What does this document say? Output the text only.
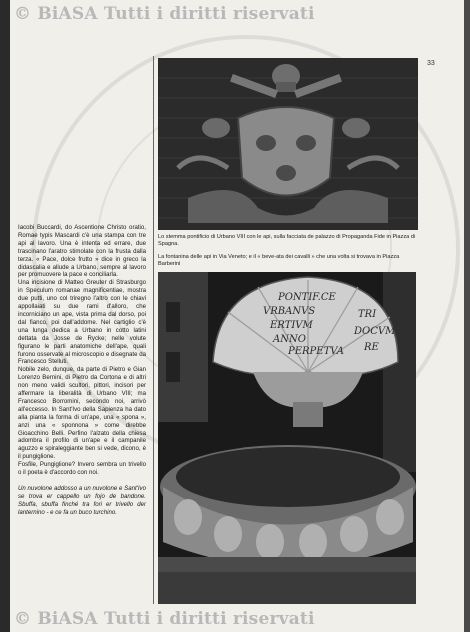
© BiASA Tutti i diritti riservati
© BiASA Tutti i diritti riservati
33

Iacobi Buccardi, do Ascentione Christo oratio, Romae typis Mascardi c'è una stampa con tre api al lavoro. Una è intenta ed errare, due trascinano l'aratro stimolate con la frusta dalla terza. « Pace, dolce frutto » dice in greco la didascalia e allude a Urbano, sempre al lavoro per promuovere la pace e conciliarla.

Una incisione di Matteo Greuter di Strasburgo in Speculum romanae magnificentiae, mostra due putti, uno col triregno l'altro con le chiavi appollaiati su due rami d'alloro, che incorniciano un ape, vista prima dal dorso, poi dal fianco, poi dall'addome. Nel cartiglio c'è una lunga dedica a Urbano in cotto latini dettata da Josse de Rycke; nelle volute figurano le parti anatomiche dell'ape, quali furono osservate al microscopio e disegnate da Francesco Stelluti.

Nobile zelo, dunque, da parte di Pietro e Gian Lorenzo Bernini, di Pietro da Cortona e di altri non meno validi scultori, pittori, incisori per affermare la liberalità di Urbano VIII; ma Francesco Borromini, secondo noi, arrivò all'eccesso. In Sant'Ivo della Sapienza ha dato alla pianta la forma di un'ape, una « spona », anzi una « sponnona » come direbbe Gioacchino Belli. Perfino l'alzato della chiesa adombra il profilo di un'ape e il campanile aguzzo e spiraleggiante ben si vede, dicono, è il pungiglione.

Fosfile, Pungiglione? Invero sembra un trivello o il poeta è d'accordo con noi.

Un nuvolone addosso a un nuvolone e Sant'Ivo se trova er cappello un fojo de bandone. Sbuffa, sbuffa finché tra fori er trivello der lanternino - e ce fa un buco turchino.

Lo stemma pontificio di Urbano VIII con le api, sulla facciata de palazzo di Propaganda Fide in Piazza di Spagna.
La fontanina delle api in Via Veneto; e il « beve-ata dei cavalli » che una volta si trovava in Piazza Barberini
PONTIF.CE
VRBANVS
ERTIVM
ANNO
PERPETVA
TRI
DOCVM
RE
